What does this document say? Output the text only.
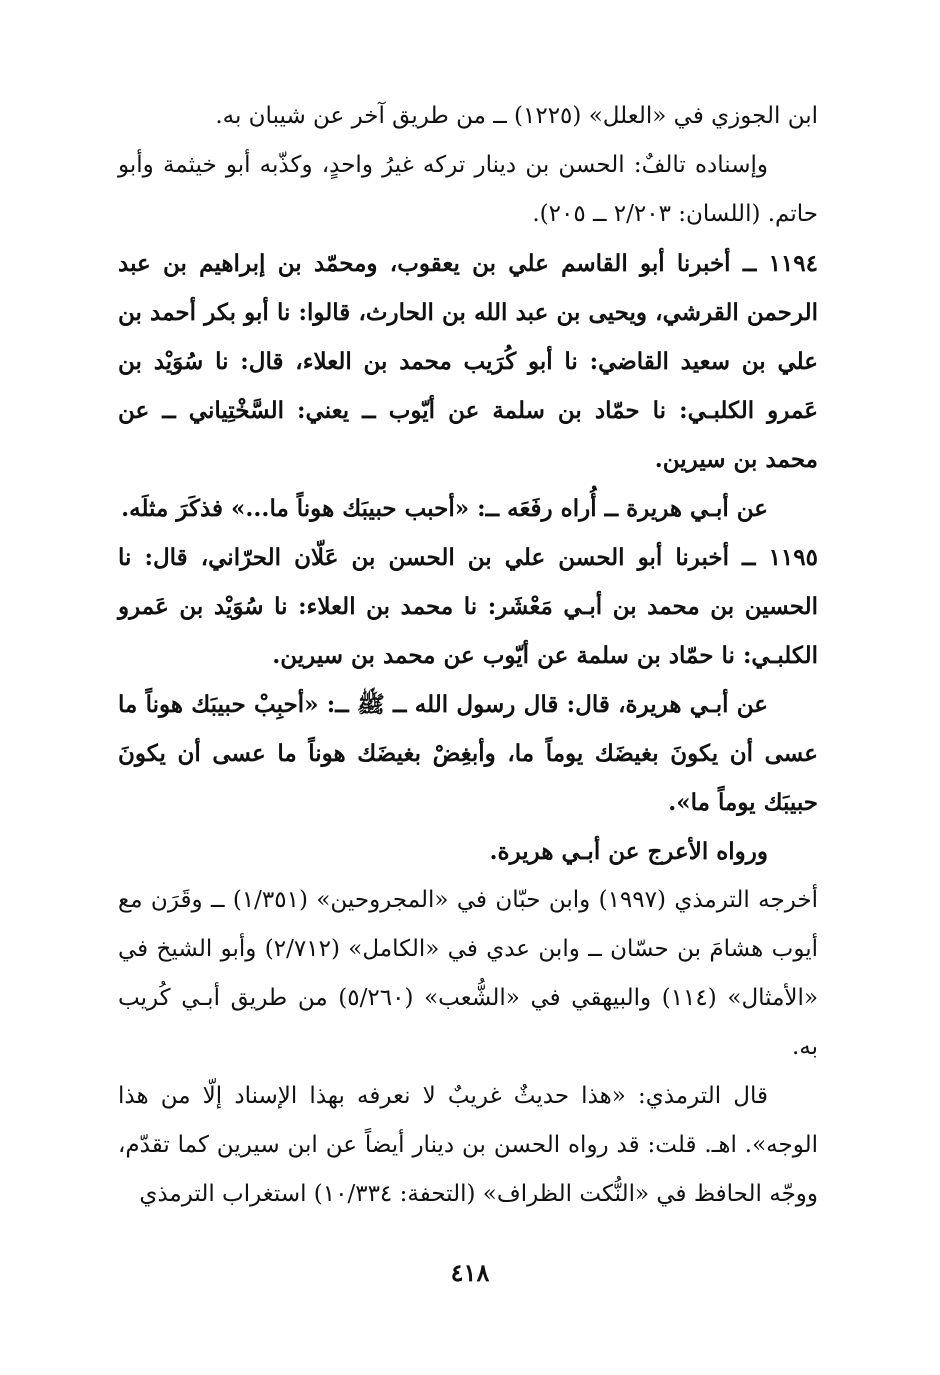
ابن الجوزي في «العلل» (١٢٢٥) ــ من طريق آخر عن شيبان به.

وإسناده تالفٌ: الحسن بن دينار تركه غيرُ واحدٍ، وكذّبه أبو خيثمة وأبو حاتم. (اللسان: ٢/٢٠٣ ــ ٢٠٥).

١١٩٤ ــ أخبرنا أبو القاسم علي بن يعقوب، ومحمّد بن إبراهيم بن عبد الرحمن القرشي، ويحيى بن عبد الله بن الحارث، قالوا: نا أبو بكر أحمد بن علي بن سعيد القاضي: نا أبو كُرَيب محمد بن العلاء، قال: نا سُوَيْد بن عَمرو الكلبـي: نا حمّاد بن سلمة عن أيّوب ــ يعني: السَّخْتِياني ــ عن محمد بن سيرين.

عن أبـي هريرة ــ أُراه رفَعَه ــ: «أحبب حبيبَك هوناً ما...» فذكَرَ مثلَه.

١١٩٥ ــ أخبرنا أبو الحسن علي بن الحسن بن عَلّان الحرّاني، قال: نا الحسين بن محمد بن أبـي مَعْشَر: نا محمد بن العلاء: نا سُوَيْد بن عَمرو الكلبـي: نا حمّاد بن سلمة عن أيّوب عن محمد بن سيرين.

عن أبـي هريرة، قال: قال رسول الله ــ ﷺ ــ: «أحبِبْ حبيبَك هوناً ما عسى أن يكونَ بغيضَك يوماً ما، وأبغِضْ بغيضَك هوناً ما عسى أن يكونَ حبيبَك يوماً ما».

ورواه الأعرج عن أبـي هريرة.

أخرجه الترمذي (١٩٩٧) وابن حبّان في «المجروحين» (١/٣٥١) ــ وقَرَن مع أيوب هشامَ بن حسّان ــ وابن عدي في «الكامل» (٢/٧١٢) وأبو الشيخ في «الأمثال» (١١٤) والبيهقي في «الشُّعب» (٥/٢٦٠) من طريق أبـي كُريب به.

قال الترمذي: «هذا حديثٌ غريبٌ لا نعرفه بهذا الإسناد إلّا من هذا الوجه». اهـ. قلت: قد رواه الحسن بن دينار أيضاً عن ابن سيرين كما تقدّم، ووجّه الحافظ في «النُّكت الظراف» (التحفة: ١٠/٣٣٤) استغراب الترمذي

٤١٨
